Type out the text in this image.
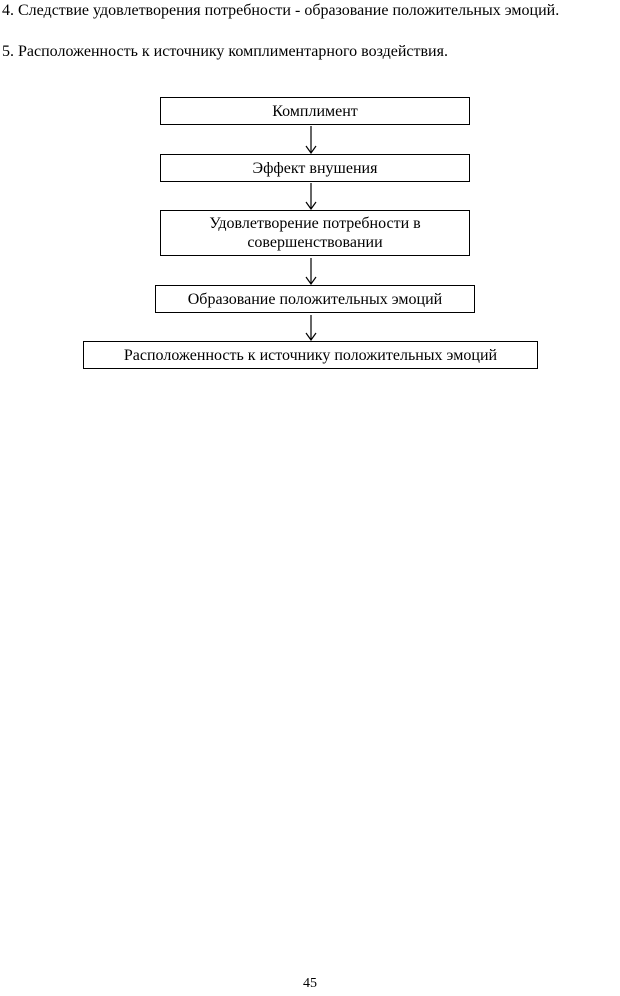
4. Следствие удовлетворения потребности - образование положительных эмоций.

5. Расположенность к источнику комплиментарного воздействия.

Комплимент
Эффект внушения
Удовлетворение потребности в совершенствовании
Образование положительных эмоций
Расположенность к источнику положительных эмоций
45
